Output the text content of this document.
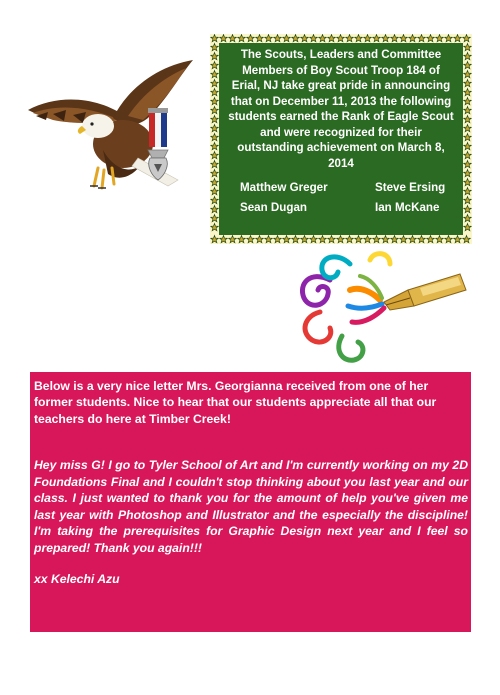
The Scouts, Leaders and Committee Members of Boy Scout Troop 184 of Erial, NJ take great pride in announcing that on December 11, 2013 the following students earned the Rank of Eagle Scout and were recognized for their outstanding achievement on March 8, 2014
Matthew Greger	Steve Ersing
Sean Dugan	Ian McKane

Below is a very nice letter Mrs. Georgianna received from one of her former students. Nice to hear that our students appreciate all that our teachers do here at Timber Creek!

Hey miss G! I go to Tyler School of Art and I'm currently working on my 2D Foundations Final and I couldn't stop thinking about you last year and our class. I just wanted to thank you for the amount of help you've given me last year with Photoshop and Illustrator and the especially the discipline! I'm taking the prerequisites for Graphic Design next year and I feel so prepared! Thank you again!!!

xx Kelechi Azu
